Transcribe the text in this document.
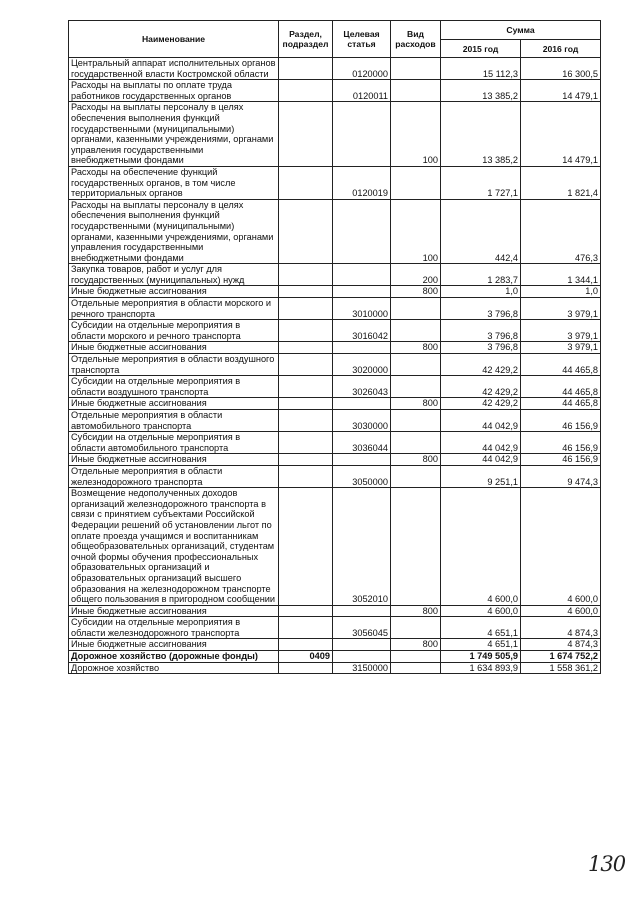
Наименование	Раздел, подраздел	Целевая статья	Вид расходов	Сумма	
				2015 год	2016 год
Центральный аппарат исполнительных органов государственной власти Костромской области		0120000		15 112,3	16 300,5
Расходы на выплаты по оплате труда работников государственных органов		0120011		13 385,2	14 479,1
Расходы на выплаты персоналу в целях обеспечения выполнения функций государственными (муниципальными) органами, казенными учреждениями, органами управления государственными внебюджетными фондами			100	13 385,2	14 479,1
Расходы на обеспечение функций государственных органов, в том числе территориальных органов		0120019		1 727,1	1 821,4
Расходы на выплаты персоналу в целях обеспечения выполнения функций государственными (муниципальными) органами, казенными учреждениями, органами управления государственными внебюджетными фондами			100	442,4	476,3
Закупка товаров, работ и услуг для государственных (муниципальных) нужд			200	1 283,7	1 344,1
Иные бюджетные ассигнования			800	1,0	1,0
Отдельные мероприятия в области морского и речного транспорта		3010000		3 796,8	3 979,1
Субсидии на отдельные мероприятия в области морского и речного транспорта		3016042		3 796,8	3 979,1
Иные бюджетные ассигнования			800	3 796,8	3 979,1
Отдельные мероприятия в области воздушного транспорта		3020000		42 429,2	44 465,8
Субсидии на отдельные мероприятия в области воздушного транспорта		3026043		42 429,2	44 465,8
Иные бюджетные ассигнования			800	42 429,2	44 465,8
Отдельные мероприятия в области автомобильного транспорта		3030000		44 042,9	46 156,9
Субсидии на отдельные мероприятия в области автомобильного транспорта		3036044		44 042,9	46 156,9
Иные бюджетные ассигнования			800	44 042,9	46 156,9
Отдельные мероприятия в области железнодорожного транспорта		3050000		9 251,1	9 474,3
Возмещение недополученных доходов организаций железнодорожного транспорта в связи с принятием субъектами Российской Федерации решений об установлении льгот по оплате проезда учащимся и воспитанникам общеобразовательных организаций, студентам очной формы обучения профессиональных образовательных организаций и образовательных организаций высшего образования на железнодорожном транспорте общего пользования в пригородном сообщении		3052010		4 600,0	4 600,0
Иные бюджетные ассигнования			800	4 600,0	4 600,0
Субсидии на отдельные мероприятия в области железнодорожного транспорта		3056045		4 651,1	4 874,3
Иные бюджетные ассигнования			800	4 651,1	4 874,3
Дорожное хозяйство (дорожные фонды)	0409			1 749 505,9	1 674 752,2
Дорожное хозяйство		3150000		1 634 893,9	1 558 361,2
130
